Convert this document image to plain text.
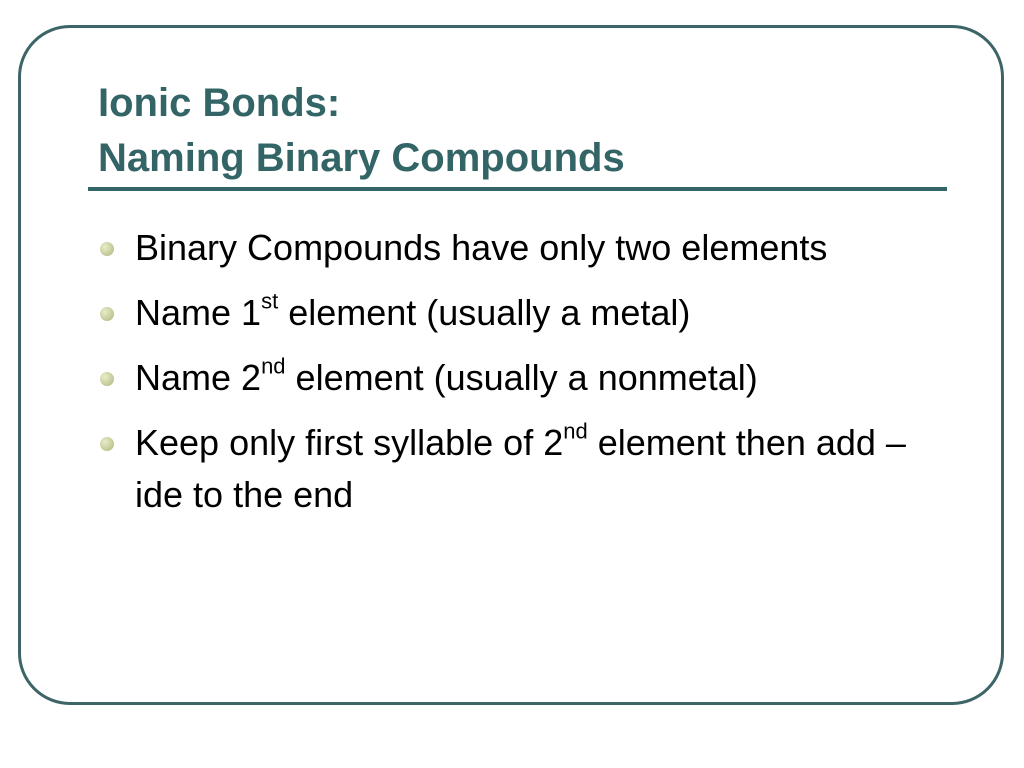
Ionic Bonds:
Naming Binary Compounds
Binary Compounds have only two elements
Name 1st element (usually a metal)
Name 2nd element (usually a nonmetal)
Keep only first syllable of 2nd element then add –ide to the end
